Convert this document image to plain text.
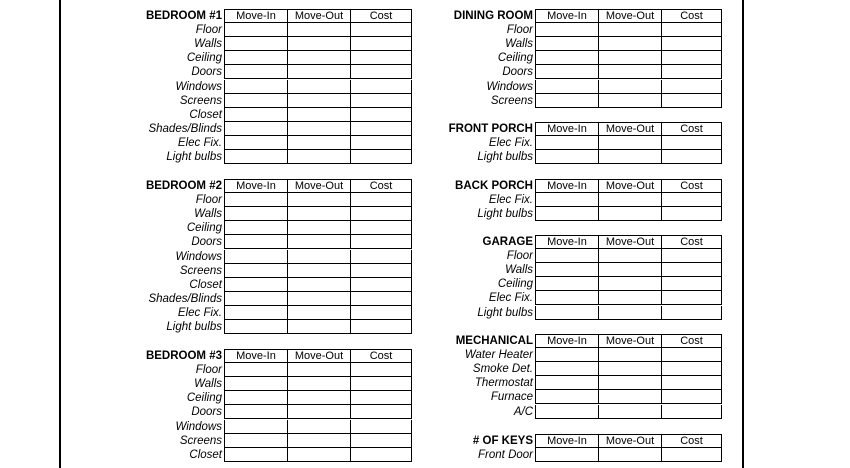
BEDROOM #1	Move-In	Move-Out	Cost
Floor
Walls
Ceiling
Doors
Windows
Screens
Closet
Shades/Blinds
Elec Fix.
Light bulbs
BEDROOM #2	Move-In	Move-Out	Cost
Floor
Walls
Ceiling
Doors
Windows
Screens
Closet
Shades/Blinds
Elec Fix.
Light bulbs
BEDROOM #3	Move-In	Move-Out	Cost
Floor
Walls
Ceiling
Doors
Windows
Screens
Closet
DINING ROOM	Move-In	Move-Out	Cost
Floor
Walls
Ceiling
Doors
Windows
Screens
FRONT PORCH	Move-In	Move-Out	Cost
Elec Fix.
Light bulbs
BACK PORCH	Move-In	Move-Out	Cost
Elec Fix.
Light bulbs
GARAGE	Move-In	Move-Out	Cost
Floor
Walls
Ceiling
Elec Fix.
Light bulbs
MECHANICAL	Move-In	Move-Out	Cost
Water Heater
Smoke Det.
Thermostat
Furnace
A/C
# OF KEYS	Move-In	Move-Out	Cost
Front Door
